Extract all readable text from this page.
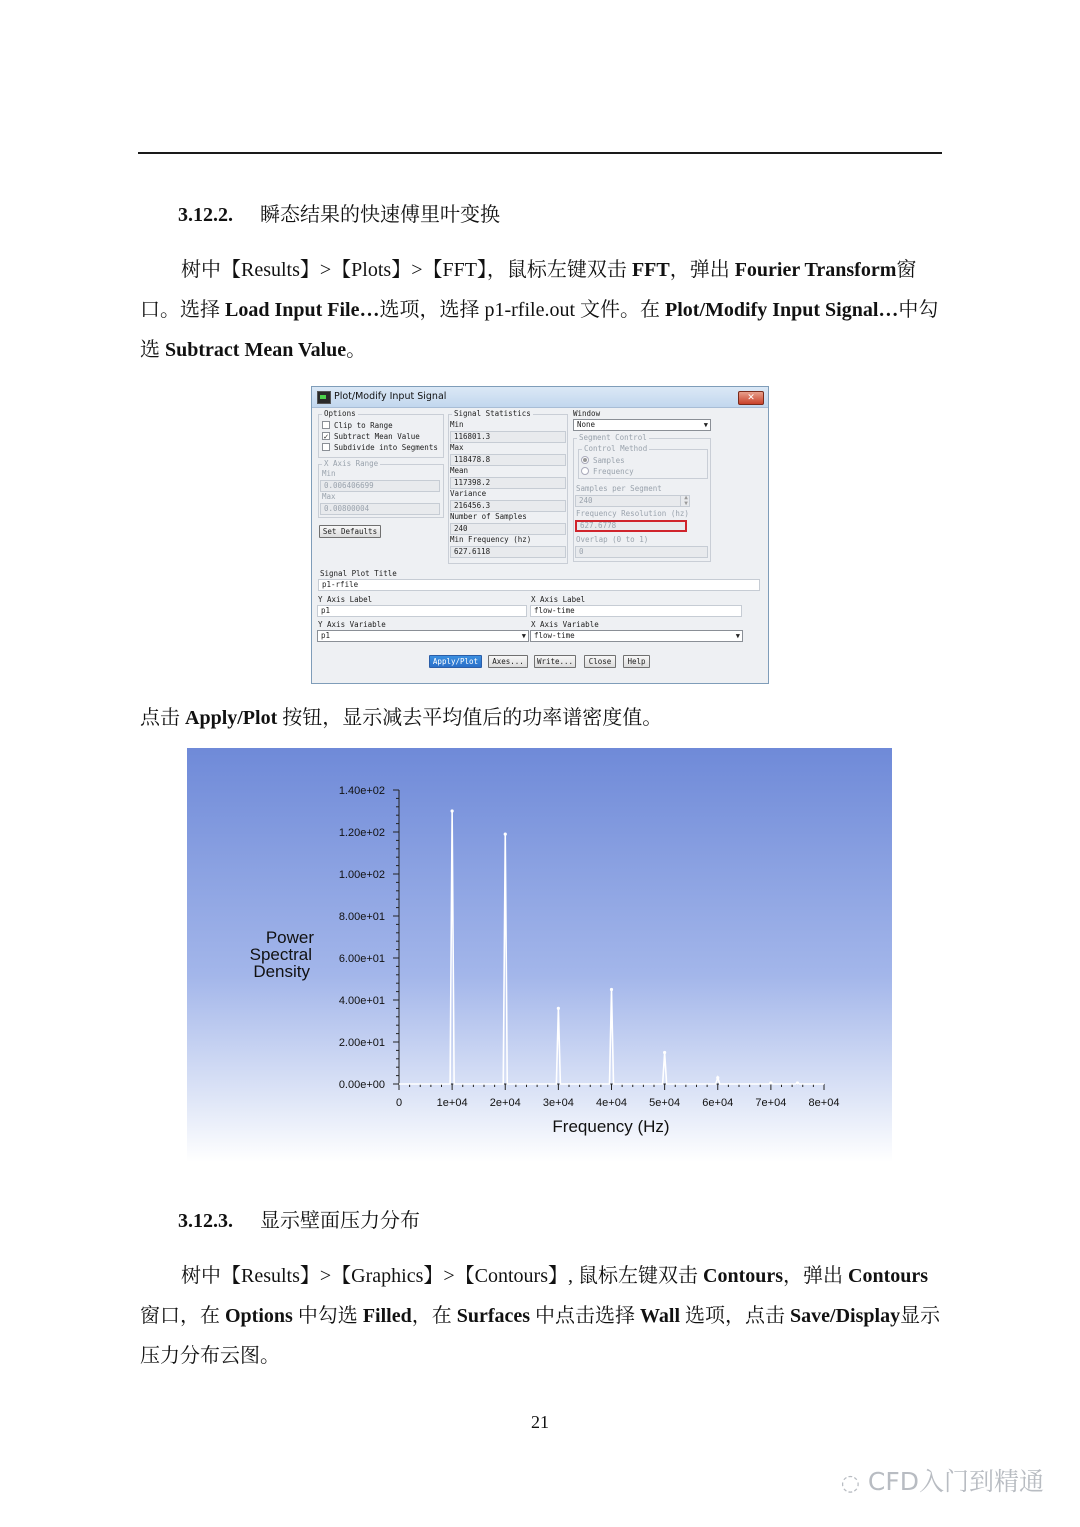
3.12.2. 瞬态结果的快速傅里叶变换
树中【Results】>【Plots】>【FFT】，鼠标左键双击 FFT，弹出 Fourier Transform窗口。选择 Load Input File…选项，选择 p1-rfile.out 文件。在 Plot/Modify Input Signal…中勾选 Subtract Mean Value。
Plot/Modify Input Signal	✕
Options
Clip to Range
✓ Subtract Mean Value
Subdivide into Segments
X Axis Range
Min
0.006406699
Max
0.00800004
Set Defaults
Signal Statistics
Min
116801.3
Max
118478.8
Mean
117398.2
Variance
216456.3
Number of Samples
240
Min Frequency (hz)
627.6118
Window
None	▼
Segment Control
Control Method
Samples
Frequency
Samples per Segment
240	▲
▼
Frequency Resolution (hz)
627.6778
Overlap (0 to 1)
0
Signal Plot Title
p1-rfile
Y Axis Label
p1
X Axis Label
flow-time
Y Axis Variable
p1	▼
X Axis Variable
flow-time	▼
Apply/Plot	Axes...	Write...	Close	Help
点击 Apply/Plot 按钮，显示减去平均值后的功率谱密度值。
Power
Spectral
Density
Frequency (Hz)
0.00e+00
2.00e+01
4.00e+01
6.00e+01
8.00e+01
1.00e+02
1.20e+02
1.40e+02
0	1e+04 2e+04 3e+04 4e+04 5e+04 6e+04 7e+04 8e+04
3.12.3. 显示壁面压力分布
树中【Results】>【Graphics】>【Contours】, 鼠标左键双击 Contours，弹出 Contours窗口，在 Options 中勾选 Filled，在 Surfaces 中点击选择 Wall 选项，点击 Save/Display显示压力分布云图。
21
◌ CFD入门到精通
